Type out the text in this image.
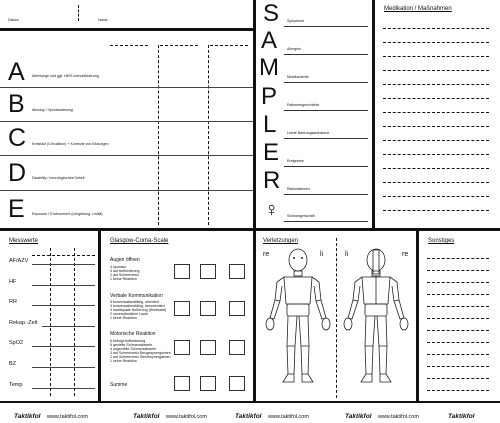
Datum	Name
A Atemwege und ggf. HWS-Immobilisierung
B Atmung / Spontanatmung
C Kreislauf (Circulation) + Kontrolle von Blutungen
D Disability / neurologisches Defizit
E Exposure / Environment (Umgebung, Unfall)
S Symptome
A	Allergien
M Medikamente
P	Patientengeschichte
L	Letzte Nahrungsaufnahme
E Ereignisse
R Risikofaktoren
♀ Schwangerschaft
Medikation / Maßnahmen
Messwerte
AF/AZV
HF
RR
Rekap.-Zeit
SpO2
BZ
Temp
Glasgow-Coma-Scale
Augen öffnen
4 spontan
3 auf Aufforderung
2 auf Schmerzreiz
1 keine Reaktion
Verbale Kommunikation
5 konversationsfähig, orientiert
4 konversationsfähig, desorientiert
3 inadäquate Äußerung (Wortsalat)
2 unverständliche Laute
1 keine Reaktion
Motorische Reaktion
6 befolgt Aufforderung
5 gezielte Schmerzabwehr
4 ungezielte Schmerzabwehr
3 auf Schmerzreiz Beugesynergismen
2 auf Schmerzreiz Strecksynergismen
1 keine Reaktion
Summe
Verletzungen
re	li	li	re
Sonstiges
Taktikfol www.taktifol.com	Taktikfol www.taktifol.com	Taktikfol www.taktifol.com	Taktikfol www.taktifol.com	Taktikfol
